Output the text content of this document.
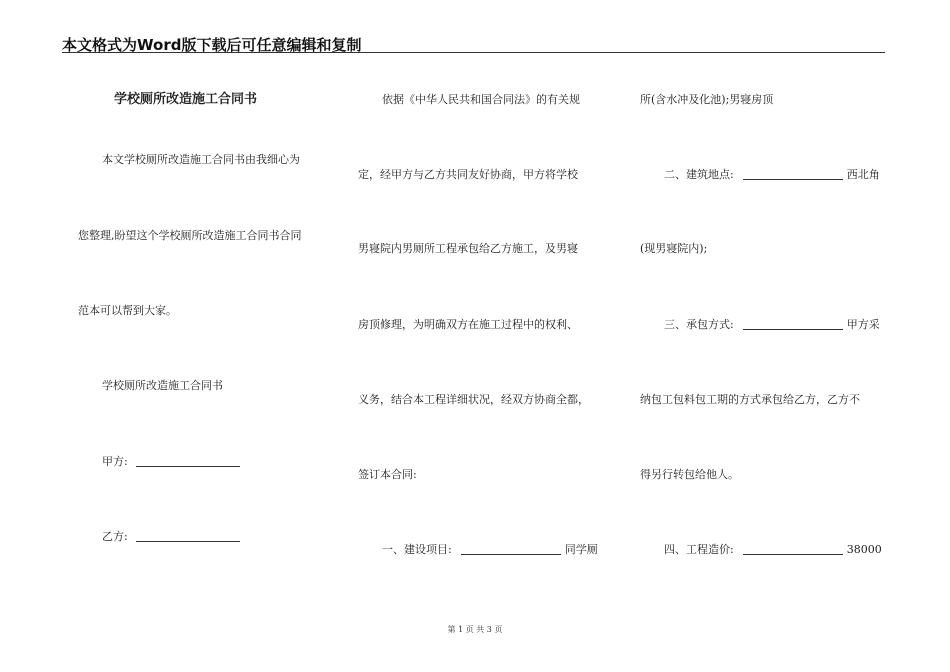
本文格式为Word版下载后可任意编辑和复制
学校厕所改造施工合同书
本文学校厕所改造施工合同书由我细心为
您整理,盼望这个学校厕所改造施工合同书合同
范本可以帮到大家。
学校厕所改造施工合同书
甲方:
乙方:
依据《中华人民共和国合同法》的有关规
定，经甲方与乙方共同友好协商，甲方将学校
男寝院内男厕所工程承包给乙方施工，及男寝
房顶修理，为明确双方在施工过程中的权利、
义务，结合本工程详细状况，经双方协商全都，
签订本合同:
一、建设项目:	同学厕
所(含水冲及化池);男寝房顶
二、建筑地点:	西北角
(现男寝院内);
三、承包方式:	甲方采
纳包工包料包工期的方式承包给乙方，乙方不
得另行转包给他人。
四、工程造价:	38000
第 1 页 共 3 页
